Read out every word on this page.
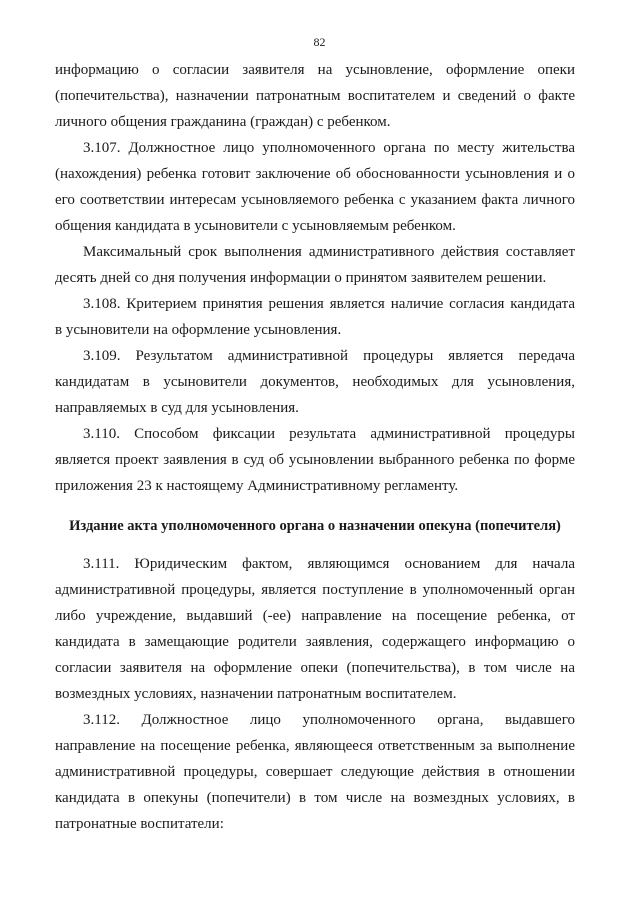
82
информацию о согласии заявителя на усыновление, оформление опеки
(попечительства), назначении патронатным воспитателем и сведений о факте
личного общения гражданина (граждан) с ребенком.
3.107. Должностное лицо уполномоченного органа по месту жительства
(нахождения) ребенка готовит заключение об обоснованности усыновления и о
его соответствии интересам усыновляемого ребенка с указанием факта личного
общения кандидата в усыновители с усыновляемым ребенком.
Максимальный срок выполнения административного действия составляет
десять дней со дня получения информации о принятом заявителем решении.
3.108. Критерием принятия решения является наличие согласия кандидата
в усыновители на оформление усыновления.
3.109. Результатом административной процедуры является передача
кандидатам в усыновители документов, необходимых для усыновления,
направляемых в суд для усыновления.
3.110. Способом фиксации результата административной процедуры
является проект заявления в суд об усыновлении выбранного ребенка по форме
приложения 23 к настоящему Административному регламенту.
Издание акта уполномоченного органа о назначении опекуна (попечителя)
3.111. Юридическим фактом, являющимся основанием для начала
административной процедуры, является поступление в уполномоченный орган
либо учреждение, выдавший (-ее) направление на посещение ребенка, от
кандидата в замещающие родители заявления, содержащего информацию о
согласии заявителя на оформление опеки (попечительства), в том числе на
возмездных условиях, назначении патронатным воспитателем.
3.112. Должностное лицо уполномоченного органа, выдавшего
направление на посещение ребенка, являющееся ответственным за выполнение
административной процедуры, совершает следующие действия в отношении
кандидата в опекуны (попечители) в том числе на возмездных условиях, в
патронатные воспитатели:
